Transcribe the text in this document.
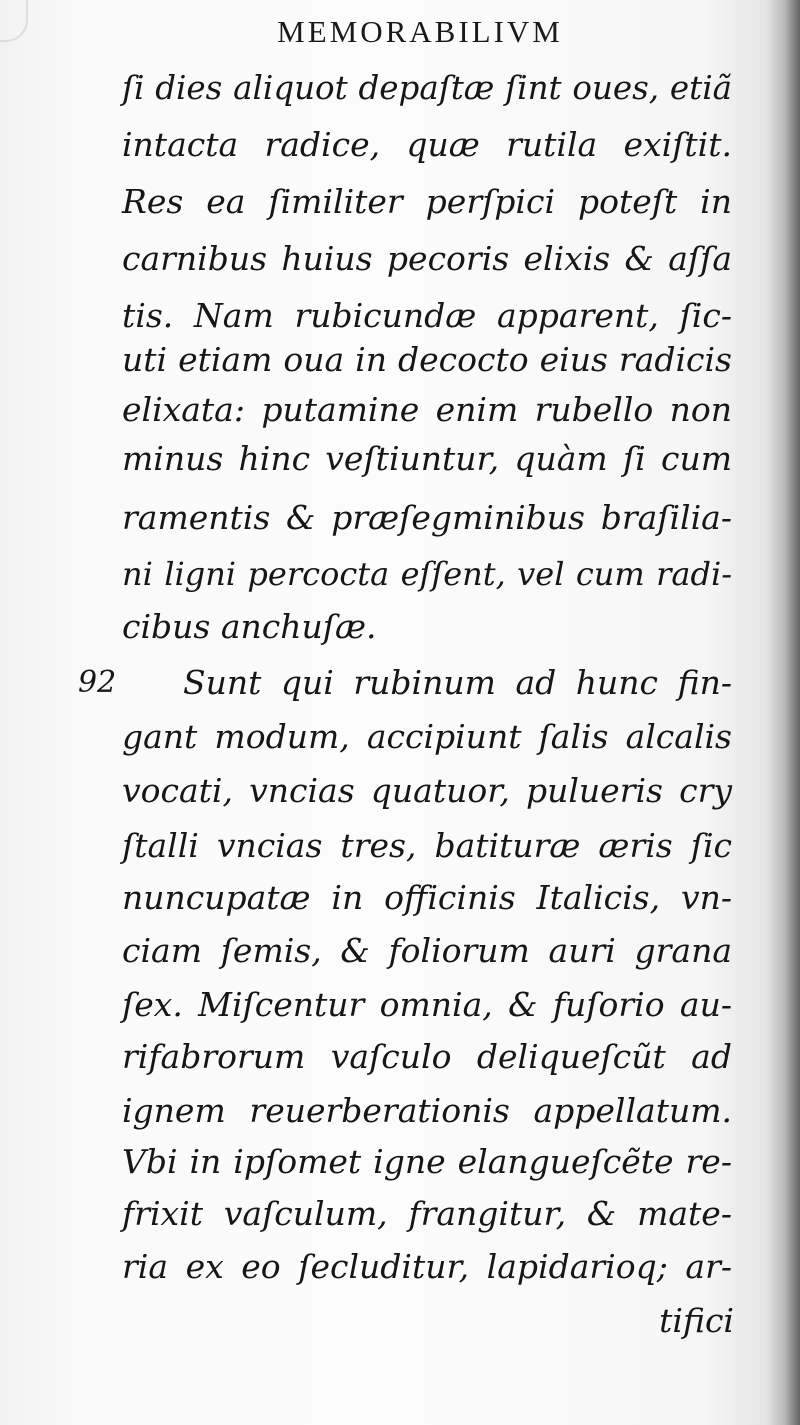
MEMORABILIVM
ſi dies aliquot depaſtæ ſint oues, etiã
intacta radice, quæ rutila exiſtit.
Res ea ſimiliter perſpici poteſt in
carnibus huius pecoris elixis & aſſa
tis. Nam rubicundæ apparent, ſic-
uti etiam oua in decocto eius radicis
elixata: putamine enim rubello non
minus hinc veſtiuntur, quàm ſi cum
ramentis & præſegminibus braſilia-
ni ligni percocta eſſent, vel cum radi-
cibus anchuſæ.
92 Sunt qui rubinum ad hunc fin-
gant modum, accipiunt ſalis alcalis
vocati, vncias quatuor, pulueris cry
ſtalli vncias tres, batituræ æris ſic
nuncupatæ in officinis Italicis, vn-
ciam ſemis, & foliorum auri grana
ſex. Miſcentur omnia, & fuſorio au-
rifabrorum vaſculo deliqueſcũt ad
ignem reuerberationis appellatum.
Vbi in ipſomet igne elangueſcẽte re-
frixit vaſculum, frangitur, & mate-
ria ex eo ſecluditur, lapidarioq; ar-
tifici
